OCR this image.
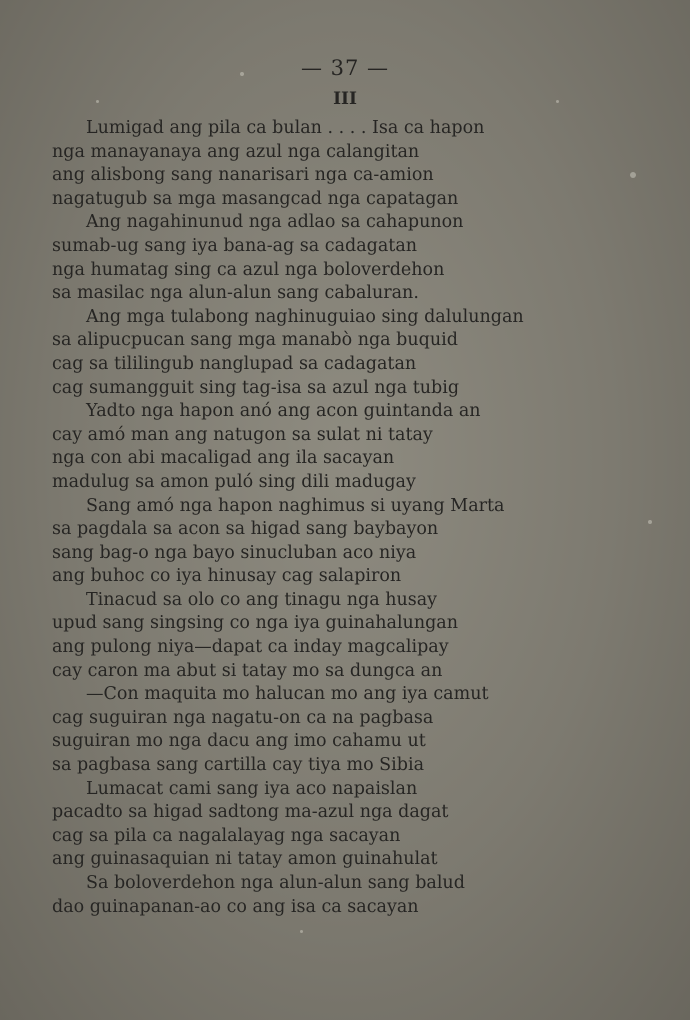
— 37 —
III
Lumigad ang pila ca bulan . . . . Isa ca hapon
nga manayanaya ang azul nga calangitan
ang alisbong sang nanarisari nga ca-amion
nagatugub sa mga masangcad nga capatagan
Ang nagahinunud nga adlao sa cahapunon
sumab-ug sang iya bana-ag sa cadagatan
nga humatag sing ca azul nga boloverdehon
sa masilac nga alun-alun sang cabaluran.
Ang mga tulabong naghinuguiao sing dalulungan
sa alipucpucan sang mga manabò nga buquid
cag sa tililingub nanglupad sa cadagatan
cag sumangguit sing tag-isa sa azul nga tubig
Yadto nga hapon anó ang acon guintanda an
cay amó man ang natugon sa sulat ni tatay
nga con abi macaligad ang ila sacayan
madulug sa amon puló sing dili madugay
Sang amó nga hapon naghimus si uyang Marta
sa pagdala sa acon sa higad sang baybayon
sang bag-o nga bayo sinucluban aco niya
ang buhoc co iya hinusay cag salapiron
Tinacud sa olo co ang tinagu nga husay
upud sang singsing co nga iya guinahalungan
ang pulong niya—dapat ca inday magcalipay
cay caron ma abut si tatay mo sa dungca an
—Con maquita mo halucan mo ang iya camut
cag suguiran nga nagatu-on ca na pagbasa
suguiran mo nga dacu ang imo cahamu ut
sa pagbasa sang cartilla cay tiya mo Sibia
Lumacat cami sang iya aco napaislan
pacadto sa higad sadtong ma-azul nga dagat
cag sa pila ca nagalalayag nga sacayan
ang guinasaquian ni tatay amon guinahulat
Sa boloverdehon nga alun-alun sang balud
dao guinapanan-ao co ang isa ca sacayan
